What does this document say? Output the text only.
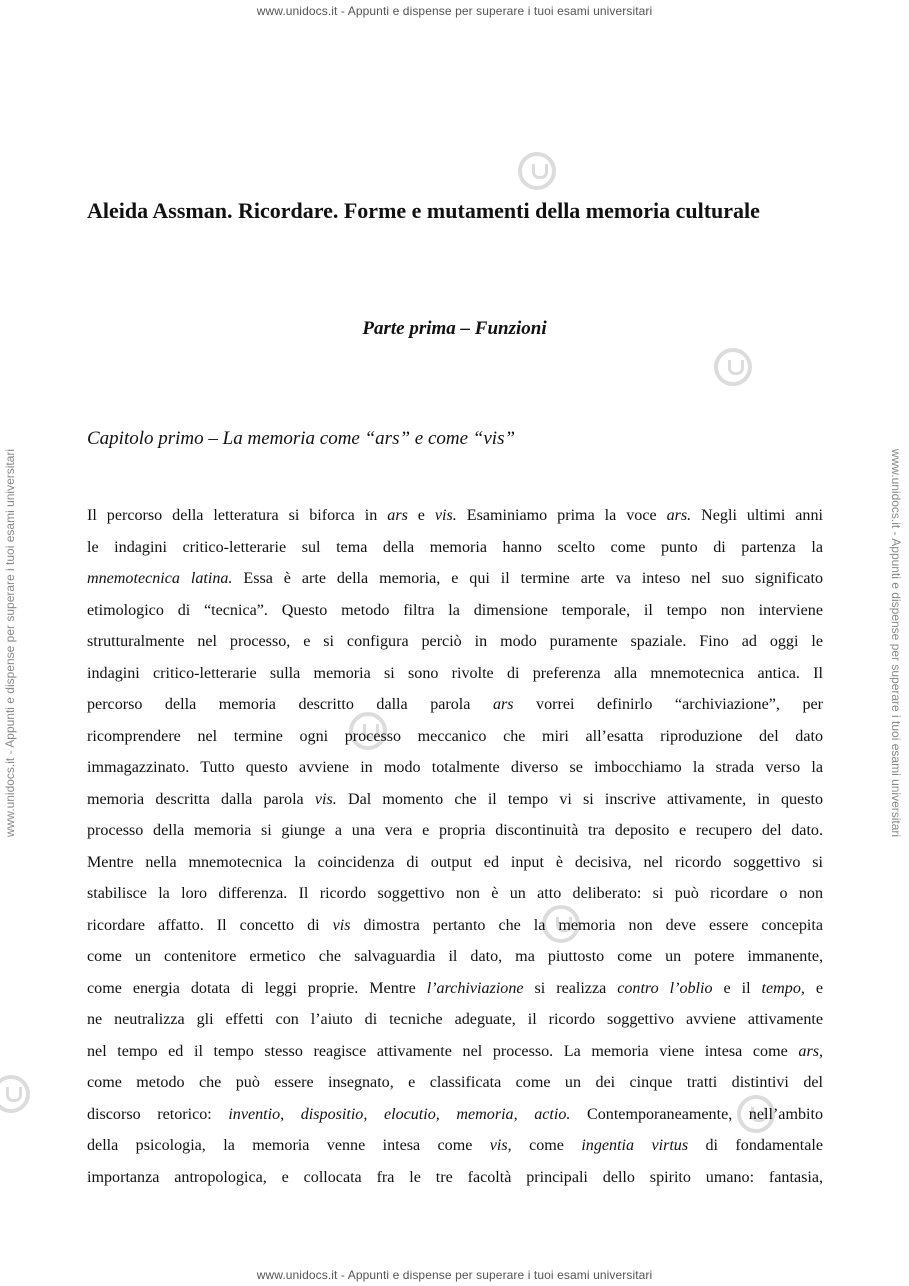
www.unidocs.it - Appunti e dispense per superare i tuoi esami universitari
www.unidocs.it - Appunti e dispense per superare i tuoi esami universitari
www.unidocs.it - Appunti e dispense per superare i tuoi esami universitari	www.unidocs.it - Appunti e dispense per superare i tuoi esami universitari
Aleida Assman. Ricordare. Forme e mutamenti della memoria culturale
Parte prima – Funzioni
Capitolo primo – La memoria come “ars” e come “vis”
Il percorso della letteratura si biforca in ars e vis. Esaminiamo prima la voce ars. Negli ultimi anni
le indagini critico-letterarie sul tema della memoria hanno scelto come punto di partenza la
mnemotecnica latina. Essa è arte della memoria, e qui il termine arte va inteso nel suo significato
etimologico di “tecnica”. Questo metodo filtra la dimensione temporale, il tempo non interviene
strutturalmente nel processo, e si configura perciò in modo puramente spaziale. Fino ad oggi le
indagini critico-letterarie sulla memoria si sono rivolte di preferenza alla mnemotecnica antica. Il
percorso della memoria descritto dalla parola ars vorrei definirlo “archiviazione”, per
ricomprendere nel termine ogni processo meccanico che miri all’esatta riproduzione del dato
immagazzinato. Tutto questo avviene in modo totalmente diverso se imbocchiamo la strada verso la
memoria descritta dalla parola vis. Dal momento che il tempo vi si inscrive attivamente, in questo
processo della memoria si giunge a una vera e propria discontinuità tra deposito e recupero del dato.
Mentre nella mnemotecnica la coincidenza di output ed input è decisiva, nel ricordo soggettivo si
stabilisce la loro differenza. Il ricordo soggettivo non è un atto deliberato: si può ricordare o non
ricordare affatto. Il concetto di vis dimostra pertanto che la memoria non deve essere concepita
come un contenitore ermetico che salvaguardia il dato, ma piuttosto come un potere immanente,
come energia dotata di leggi proprie. Mentre l’archiviazione si realizza contro l’oblio e il tempo, e
ne neutralizza gli effetti con l’aiuto di tecniche adeguate, il ricordo soggettivo avviene attivamente
nel tempo ed il tempo stesso reagisce attivamente nel processo. La memoria viene intesa come ars,
come metodo che può essere insegnato, e classificata come un dei cinque tratti distintivi del
discorso retorico: inventio, dispositio, elocutio, memoria, actio. Contemporaneamente, nell’ambito
della psicologia, la memoria venne intesa come vis, come ingentia virtus di fondamentale
importanza antropologica, e collocata fra le tre facoltà principali dello spirito umano: fantasia,
